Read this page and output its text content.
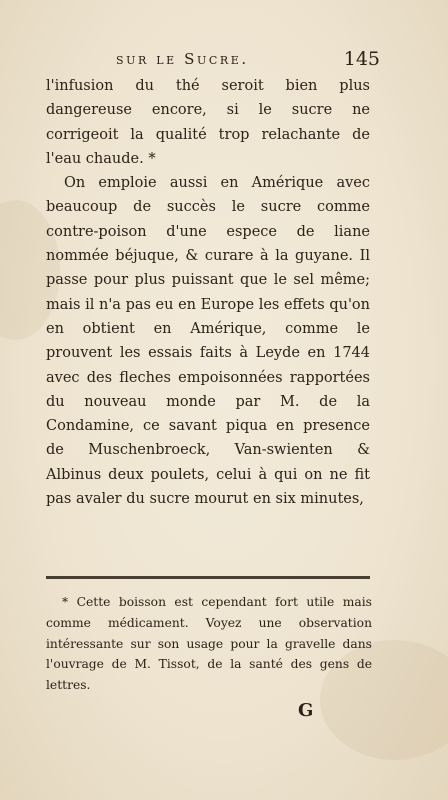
sur le Sucre.	145

l'infusion du thé seroit bien plus dangereuse encore, si le sucre ne corrigeoit la qualité trop relachante de l'eau chaude. *

On emploie aussi en Amérique avec beaucoup de succès le sucre comme contre-poison d'une espece de liane nommée béjuque, & curare à la guyane. Il passe pour plus puissant que le sel même; mais il n'a pas eu en Europe les effets qu'on en obtient en Amérique, comme le prouvent les essais faits à Leyde en 1744 avec des fleches empoisonnées rapportées du nouveau monde par M. de la Condamine, ce savant piqua en presence de Muschenbroeck, Van-swienten & Albinus deux poulets, celui à qui on ne fit pas avaler du sucre mourut en six minutes,

* Cette boisson est cependant fort utile mais comme médicament. Voyez une observation intéressante sur son usage pour la gravelle dans l'ouvrage de M. Tissot, de la santé des gens de lettres.

G
